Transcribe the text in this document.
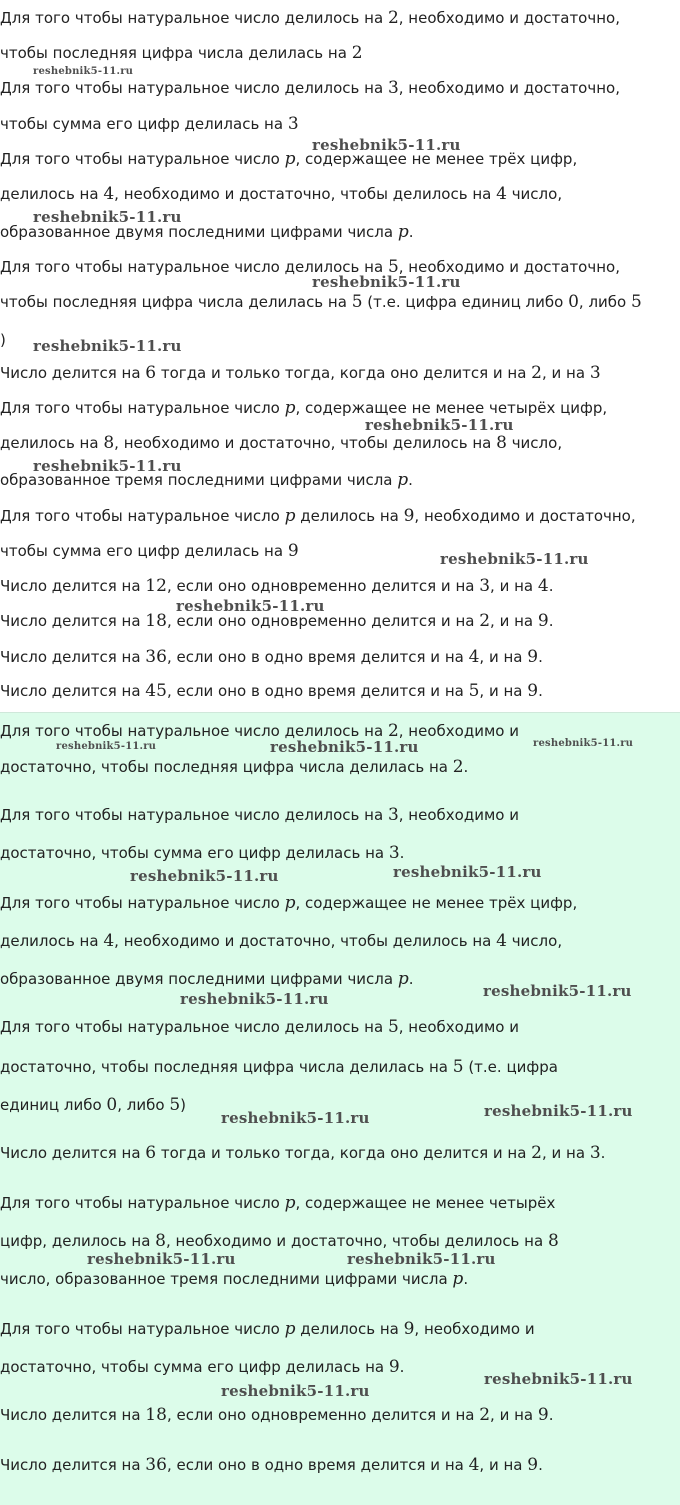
Для того чтобы натуральное число делилось на 2, необходимо и достаточно,
чтобы последняя цифра числа делилась на 2
Для того чтобы натуральное число делилось на 3, необходимо и достаточно,
чтобы сумма его цифр делилась на 3
Для того чтобы натуральное число p, содержащее не менее трёх цифр,
делилось на 4, необходимо и достаточно, чтобы делилось на 4 число,
образованное двумя последними цифрами числа p.
Для того чтобы натуральное число делилось на 5, необходимо и достаточно,
чтобы последняя цифра числа делилась на 5 (т.е. цифра единиц либо 0, либо 5
)
Число делится на 6 тогда и только тогда, когда оно делится и на 2, и на 3
Для того чтобы натуральное число p, содержащее не менее четырёх цифр,
делилось на 8, необходимо и достаточно, чтобы делилось на 8 число,
образованное тремя последними цифрами числа p.
Для того чтобы натуральное число p делилось на 9, необходимо и достаточно,
чтобы сумма его цифр делилась на 9
Число делится на 12, если оно одновременно делится и на 3, и на 4.
Число делится на 18, если оно одновременно делится и на 2, и на 9.
Число делится на 36, если оно в одно время делится и на 4, и на 9.
Число делится на 45, если оно в одно время делится и на 5, и на 9.
reshebnik5-11.ru
reshebnik5-11.ru
reshebnik5-11.ru
reshebnik5-11.ru
reshebnik5-11.ru
reshebnik5-11.ru
reshebnik5-11.ru
reshebnik5-11.ru
reshebnik5-11.ru
Для того чтобы натуральное число делилось на 2, необходимо и
достаточно, чтобы последняя цифра числа делилась на 2.
Для того чтобы натуральное число делилось на 3, необходимо и
достаточно, чтобы сумма его цифр делилась на 3.
Для того чтобы натуральное число p, содержащее не менее трёх цифр,
делилось на 4, необходимо и достаточно, чтобы делилось на 4 число,
образованное двумя последними цифрами числа p.
Для того чтобы натуральное число делилось на 5, необходимо и
достаточно, чтобы последняя цифра числа делилась на 5 (т.е. цифра
единиц либо 0, либо 5)
Число делится на 6 тогда и только тогда, когда оно делится и на 2, и на 3.
Для того чтобы натуральное число p, содержащее не менее четырёх
цифр, делилось на 8, необходимо и достаточно, чтобы делилось на 8
число, образованное тремя последними цифрами числа p.
Для того чтобы натуральное число p делилось на 9, необходимо и
достаточно, чтобы сумма его цифр делилась на 9.
Число делится на 18, если оно одновременно делится и на 2, и на 9.
Число делится на 36, если оно в одно время делится и на 4, и на 9.
reshebnik5-11.ru	reshebnik5-11.ru	reshebnik5-11.ru
reshebnik5-11.ru	reshebnik5-11.ru
reshebnik5-11.ru
reshebnik5-11.ru
reshebnik5-11.ru
reshebnik5-11.ru
reshebnik5-11.ru	reshebnik5-11.ru
reshebnik5-11.ru
reshebnik5-11.ru
